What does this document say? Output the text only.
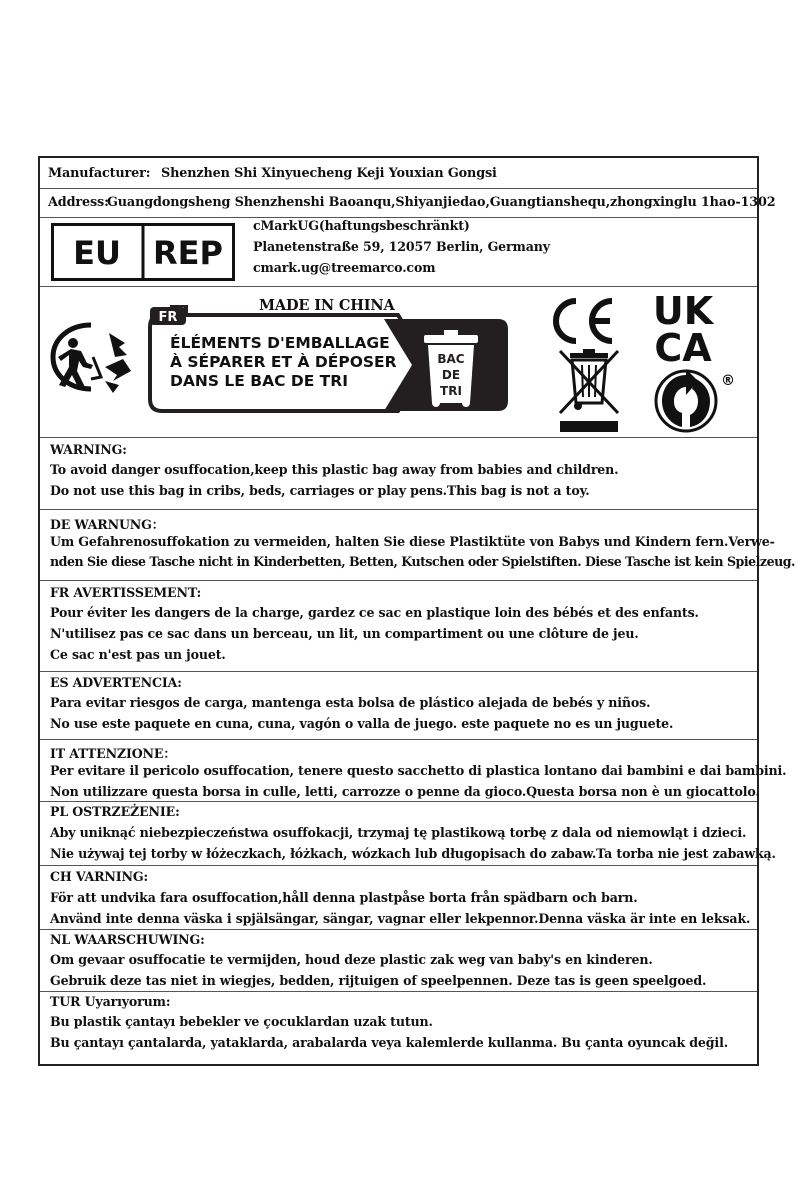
Manufacturer: Shenzhen Shi Xinyuecheng Keji Youxian Gongsi
Address:
Guangdongsheng Shenzhenshi Baoanqu,Shiyanjiedao,Guangtianshequ,zhongxinglu 1hao-1302
EU REP
cMarkUG(haftungsbeschränkt)
Planetenstraße 59, 12057 Berlin, Germany
cmark.ug@treemarco.com
MADE IN CHINA
FR
ÉLÉMENTS D'EMBALLAGE
À SÉPARER ET À DÉPOSER
DANS LE BAC DE TRI
BAC
DE
TRI
UK
CA
®
WARNING:
To avoid danger osuffocation,keep this plastic bag away from babies and children.
Do not use this bag in cribs, beds, carriages or play pens.This bag is not a toy.
DE WARNUNG：
Um Gefahrenosuffokation zu vermeiden, halten Sie diese Plastiktüte von Babys und Kindern fern.Verwe-
nden Sie diese Tasche nicht in Kinderbetten, Betten, Kutschen oder Spielstiften. Diese Tasche ist kein Spielzeug.
FR AVERTISSEMENT:
Pour éviter les dangers de la charge, gardez ce sac en plastique loin des bébés et des enfants.
N'utilisez pas ce sac dans un berceau, un lit, un compartiment ou une clôture de jeu.
Ce sac n'est pas un jouet.
ES ADVERTENCIA:
Para evitar riesgos de carga, mantenga esta bolsa de plástico alejada de bebés y niños.
No use este paquete en cuna, cuna, vagón o valla de juego. este paquete no es un juguete.
IT ATTENZIONE：
Per evitare il pericolo osuffocation, tenere questo sacchetto di plastica lontano dai bambini e dai bambini.
Non utilizzare questa borsa in culle, letti, carrozze o penne da gioco.Questa borsa non è un giocattolo.
PL OSTRZEŻENIE:
Aby uniknąć niebezpieczeństwa osuffokacji, trzymaj tę plastikową torbę z dala od niemowląt i dzieci.
Nie używaj tej torby w łóżeczkach, łóżkach, wózkach lub długopisach do zabaw.Ta torba nie jest zabawką.
CH VARNING:
För att undvika fara osuffocation,håll denna plastpåse borta från spädbarn och barn.
Använd inte denna väska i spjälsängar, sängar, vagnar eller lekpennor.Denna väska är inte en leksak.
NL WAARSCHUWING:
Om gevaar osuffocatie te vermijden, houd deze plastic zak weg van baby's en kinderen.
Gebruik deze tas niet in wiegjes, bedden, rijtuigen of speelpennen. Deze tas is geen speelgoed.
TUR Uyarıyorum:
Bu plastik çantayı bebekler ve çocuklardan uzak tutun.
Bu çantayı çantalarda, yataklarda, arabalarda veya kalemlerde kullanma. Bu çanta oyuncak değil.
